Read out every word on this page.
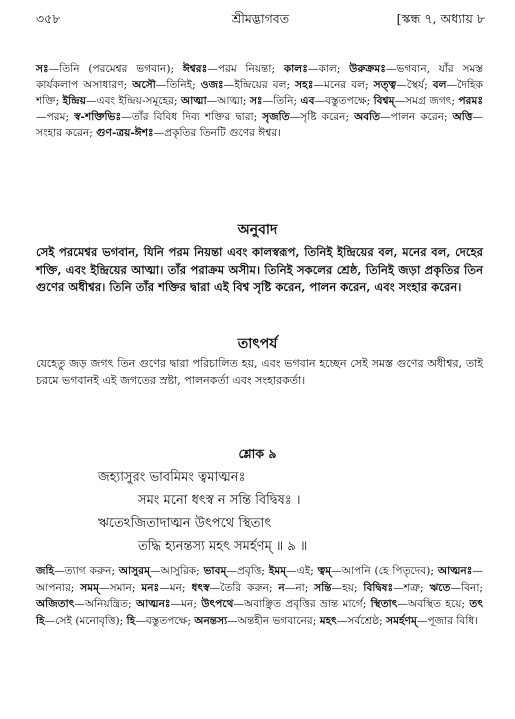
৩৫৮	শ্রীমদ্ভাগবত	[স্কন্ধ ৭, অধ্যায় ৮
সঃ—তিনি (পরমেশ্বর ভগবান); ঈশ্বরঃ—পরম নিয়ন্তা; কালঃ—কাল; উরুক্রমঃ—ভগবান, যাঁর সমস্ত কার্যকলাপ অসাধারণ; অসৌ—তিনিই; ওজঃ—ইন্দ্রিয়ের বল; সহঃ—মনের বল; সত্ত্ব—স্থৈর্য; বল—দৈহিক শক্তি; ইন্দ্রিয়—এবং ইন্দ্রিয়-সমূহের; আত্মা—আত্মা; সঃ—তিনি; এব—বস্তুতপক্ষে; বিশ্বম্—সমগ্র জগৎ; পরমঃ—পরম; স্ব-শক্তিভিঃ—তাঁর বিবিধ দিব্য শক্তির দ্বারা; সৃজতি—সৃষ্টি করেন; অবতি—পালন করেন; অত্তি—সংহার করেন; গুণ-ত্রয়-ঈশঃ—প্রকৃতির তিনটি গুণের ঈশ্বর।
অনুবাদ
সেই পরমেশ্বর ভগবান, যিনি পরম নিয়ন্তা এবং কালস্বরূপ, তিনিই ইন্দ্রিয়ের বল, মনের বল, দেহের শক্তি, এবং ইন্দ্রিয়ের আত্মা। তাঁর পরাক্রম অসীম। তিনিই সকলের শ্রেষ্ঠ, তিনিই জড়া প্রকৃতির তিন গুণের অধীশ্বর। তিনি তাঁর শক্তির দ্বারা এই বিশ্ব সৃষ্টি করেন, পালন করেন, এবং সংহার করেন।
তাৎপর্য
যেহেতু জড় জগৎ তিন গুণের দ্বারা পরিচালিত হয়, এবং ভগবান হচ্ছেন সেই সমস্ত গুণের অধীশ্বর, তাই চরমে ভগবানই এই জগতের স্রষ্টা, পালনকর্তা এবং সংহারকর্তা।
শ্লোক ৯
জহ্যাসুরং ভাবমিমং ত্বমাত্মনঃ
সমং মনো ধৎস্ব ন সন্তি বিদ্বিষঃ ।
ঋতেঽজিতাদাত্মন উৎপথে স্থিতাৎ
তদ্ধি হ্যনন্তস্য মহৎ সমর্হণম্ ॥ ৯ ॥
জহি—ত্যাগ করুন; আসুরম্—আসুরিক; ভাবম্—প্রবৃত্তি; ইমম্—এই; ত্বম্—আপনি (হে পিতৃদেব); আত্মনঃ—আপনার; সমম্—সমান; মনঃ—মন; ধৎস্ব—তৈরি করুন; ন—না; সন্তি—হয়; বিদ্বিষঃ—শত্রু; ঋতে—বিনা; অজিতাৎ—অনিয়ন্ত্রিত; আত্মনঃ—মন; উৎপথে—অবাঞ্ছিত প্রবৃত্তির ভ্রান্ত মার্গে; স্থিতাৎ—অবস্থিত হয়ে; তৎ হি—সেই (মনোবৃত্তি); হি—বস্তুতপক্ষে; অনন্তস্য—অন্তহীন ভগবানের; মহৎ—সর্বশ্রেষ্ঠ; সমর্হণম্—পূজার বিধি।
